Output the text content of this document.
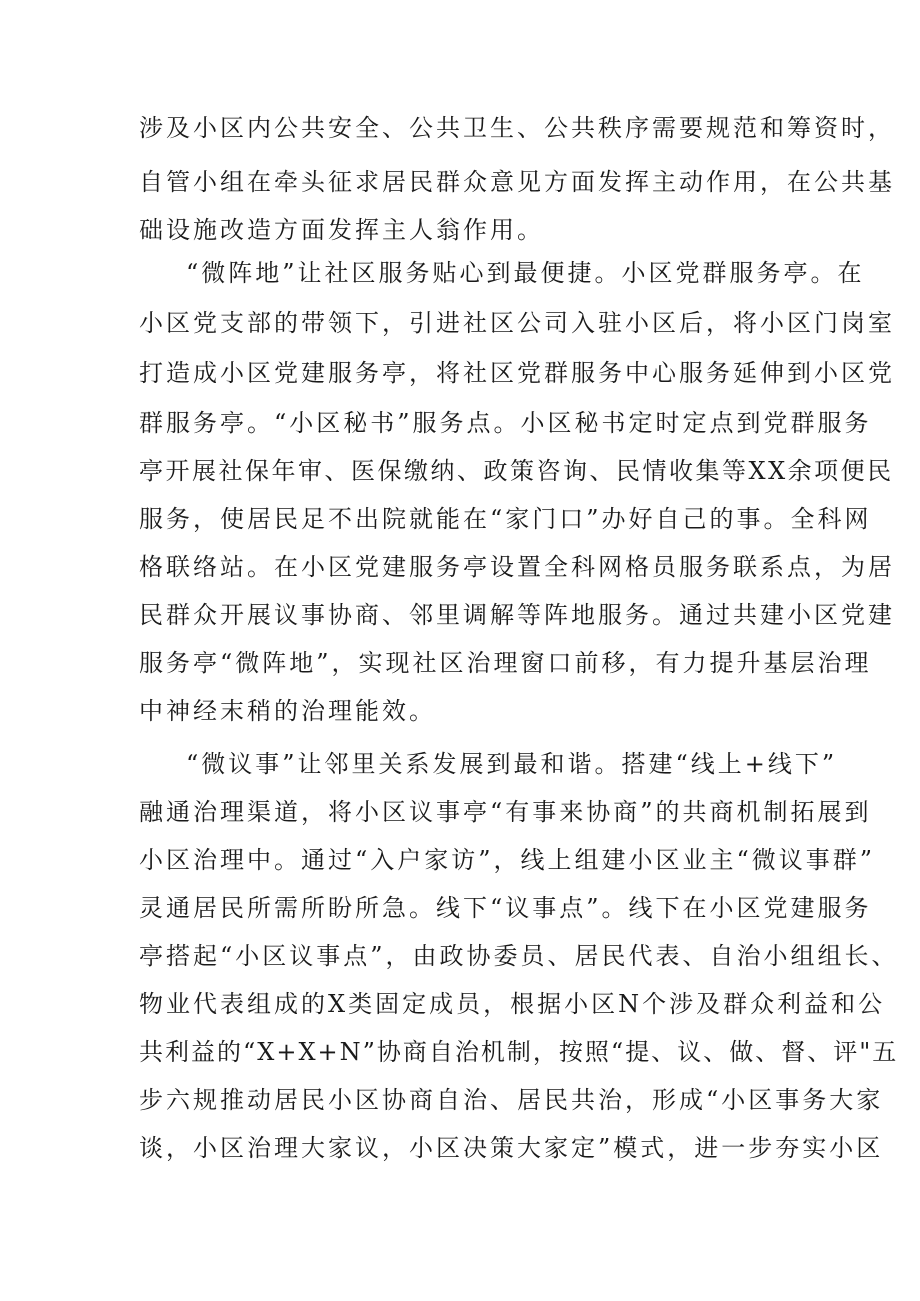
涉及小区内公共安全、公共卫生、公共秩序需要规范和筹资时，
自管小组在牵头征求居民群众意见方面发挥主动作用，在公共基
础设施改造方面发挥主人翁作用。
“微阵地”让社区服务贴心到最便捷。小区党群服务亭。在
小区党支部的带领下，引进社区公司入驻小区后，将小区门岗室
打造成小区党建服务亭，将社区党群服务中心服务延伸到小区党
群服务亭。“小区秘书”服务点。小区秘书定时定点到党群服务
亭开展社保年审、医保缴纳、政策咨询、民情收集等XX余项便民
服务，使居民足不出院就能在“家门口”办好自己的事。全科网
格联络站。在小区党建服务亭设置全科网格员服务联系点，为居
民群众开展议事协商、邻里调解等阵地服务。通过共建小区党建
服务亭“微阵地”，实现社区治理窗口前移，有力提升基层治理
中神经末稍的治理能效。
“微议事”让邻里关系发展到最和谐。搭建“线上+线下”
融通治理渠道，将小区议事亭“有事来协商”的共商机制拓展到
小区治理中。通过“入户家访”，线上组建小区业主“微议事群”
灵通居民所需所盼所急。线下“议事点”。线下在小区党建服务
亭搭起“小区议事点”，由政协委员、居民代表、自治小组组长、
物业代表组成的X类固定成员，根据小区N个涉及群众利益和公
共利益的“X+X+N”协商自治机制，按照“提、议、做、督、评"五
步六规推动居民小区协商自治、居民共治，形成“小区事务大家
谈，小区治理大家议，小区决策大家定”模式，进一步夯实小区
